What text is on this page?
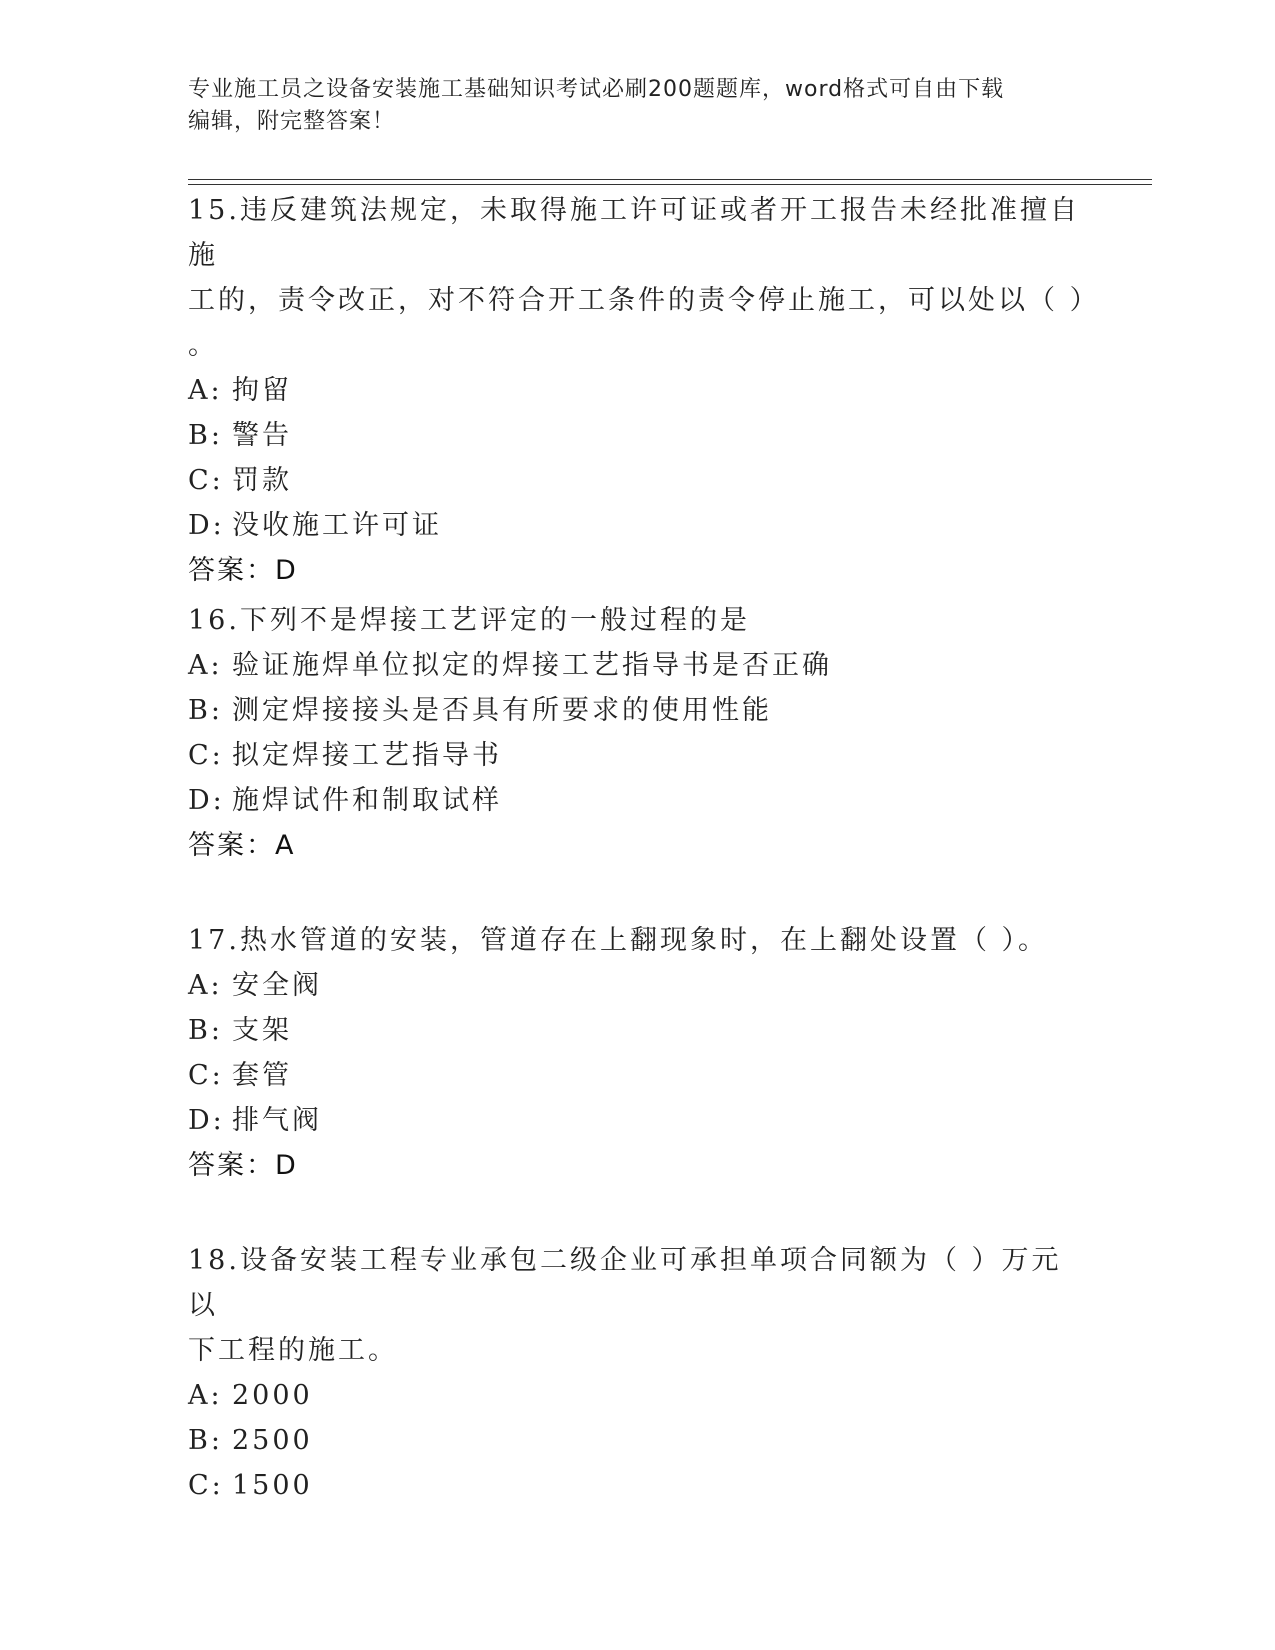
专业施工员之设备安装施工基础知识考试必刷200题题库，word格式可自由下载
编辑，附完整答案！

15.违反建筑法规定，未取得施工许可证或者开工报告未经批准擅自施

工的，责令改正，对不符合开工条件的责令停止施工，可以处以（ ）

。

A: 拘留

B: 警告

C: 罚款

D: 没收施工许可证

答案：D

16.下列不是焊接工艺评定的一般过程的是

A: 验证施焊单位拟定的焊接工艺指导书是否正确

B: 测定焊接接头是否具有所要求的使用性能

C: 拟定焊接工艺指导书

D: 施焊试件和制取试样

答案：A

17.热水管道的安装，管道存在上翻现象时，在上翻处设置（ ）。

A: 安全阀

B: 支架

C: 套管

D: 排气阀

答案：D

18.设备安装工程专业承包二级企业可承担单项合同额为（ ）万元以

下工程的施工。

A: 2000

B: 2500

C: 1500
